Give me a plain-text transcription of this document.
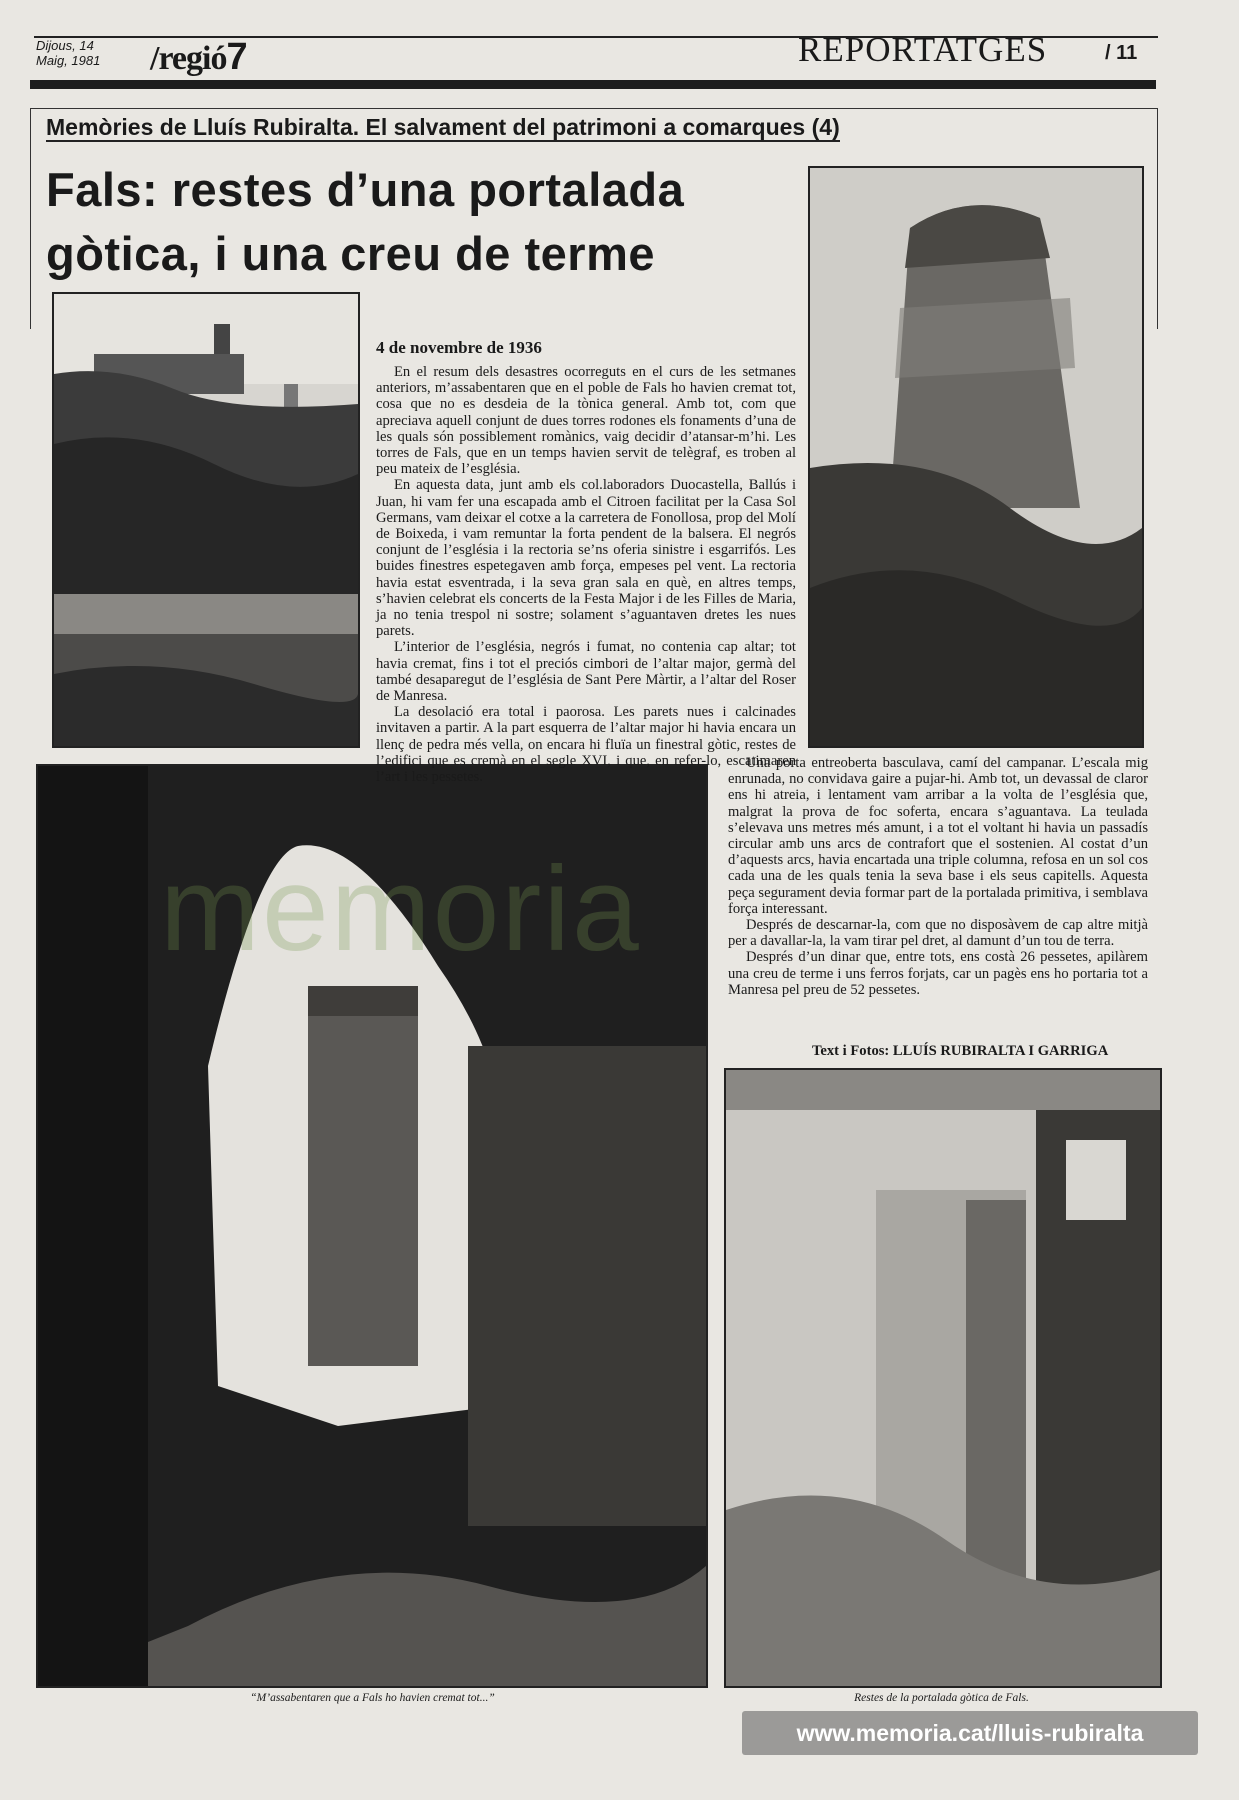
Dijous, 14
Maig, 1981 /regió7	REPORTATGES	/ 11
Memòries de Lluís Rubiralta. El salvament del patrimoni a comarques (4)
Fals: restes d’una portalada gòtica, i una creu de terme
4 de novembre de 1936

En el resum dels desastres ocorreguts en el curs de les setmanes anteriors, m’assabentaren que en el poble de Fals ho havien cremat tot, cosa que no es desdeia de la tònica general. Amb tot, com que apreciava aquell conjunt de dues torres rodones els fonaments d’una de les quals són possiblement romànics, vaig decidir d’atansar-m’hi. Les torres de Fals, que en un temps havien servit de telègraf, es troben al peu mateix de l’església.

En aquesta data, junt amb els col.laboradors Duocastella, Ballús i Juan, hi vam fer una escapada amb el Citroen facilitat per la Casa Sol Germans, vam deixar el cotxe a la carretera de Fonollosa, prop del Molí de Boixeda, i vam remuntar la forta pendent de la balsera. El negrós conjunt de l’església i la rectoria se’ns oferia sinistre i esgarrifós. Les buides finestres espetegaven amb força, empeses pel vent. La rectoria havia estat esventrada, i la seva gran sala en què, en altres temps, s’havien celebrat els concerts de la Festa Major i de les Filles de Maria, ja no tenia trespol ni sostre; solament s’aguantaven dretes les nues parets.

L’interior de l’església, negrós i fumat, no contenia cap altar; tot havia cremat, fins i tot el preciós cimbori de l’altar major, germà del també desaparegut de l’església de Sant Pere Màrtir, a l’altar del Roser de Manresa.

La desolació era total i paorosa. Les parets nues i calcinades invitaven a partir. A la part esquerra de l’altar major hi havia encara un llenç de pedra més vella, on encara hi fluïa un finestral gòtic, restes de l’edifici que es cremà en el segle XVI, i que, en refer-lo, escatimaren l’art i les pessetes.

Una porta entreoberta basculava, camí del campanar. L’escala mig enrunada, no convidava gaire a pujar-hi. Amb tot, un devassal de claror ens hi atreia, i lentament vam arribar a la volta de l’església que, malgrat la prova de foc soferta, encara s’aguantava. La teulada s’elevava uns metres més amunt, i a tot el voltant hi havia un passadís circular amb uns arcs de contrafort que el sostenien. Al costat d’un d’aquests arcs, havia encartada una triple columna, refosa en un sol cos cada una de les quals tenia la seva base i els seus capitells. Aquesta peça segurament devia formar part de la portalada primitiva, i semblava força interessant.

Després de descarnar-la, com que no disposàvem de cap altre mitjà per a davallar-la, la vam tirar pel dret, al damunt d’un tou de terra.

Després d’un dinar que, entre tots, ens costà 26 pessetes, apilàrem una creu de terme i uns ferros forjats, car un pagès ens ho portaria tot a Manresa pel preu de 52 pessetes.

Text i Fotos: LLUÍS RUBIRALTA I GARRIGA
“M’assabentaren que a Fals ho havien cremat tot...”	Restes de la portalada gòtica de Fals.
memoria
www.memoria.cat/lluis-rubiralta
